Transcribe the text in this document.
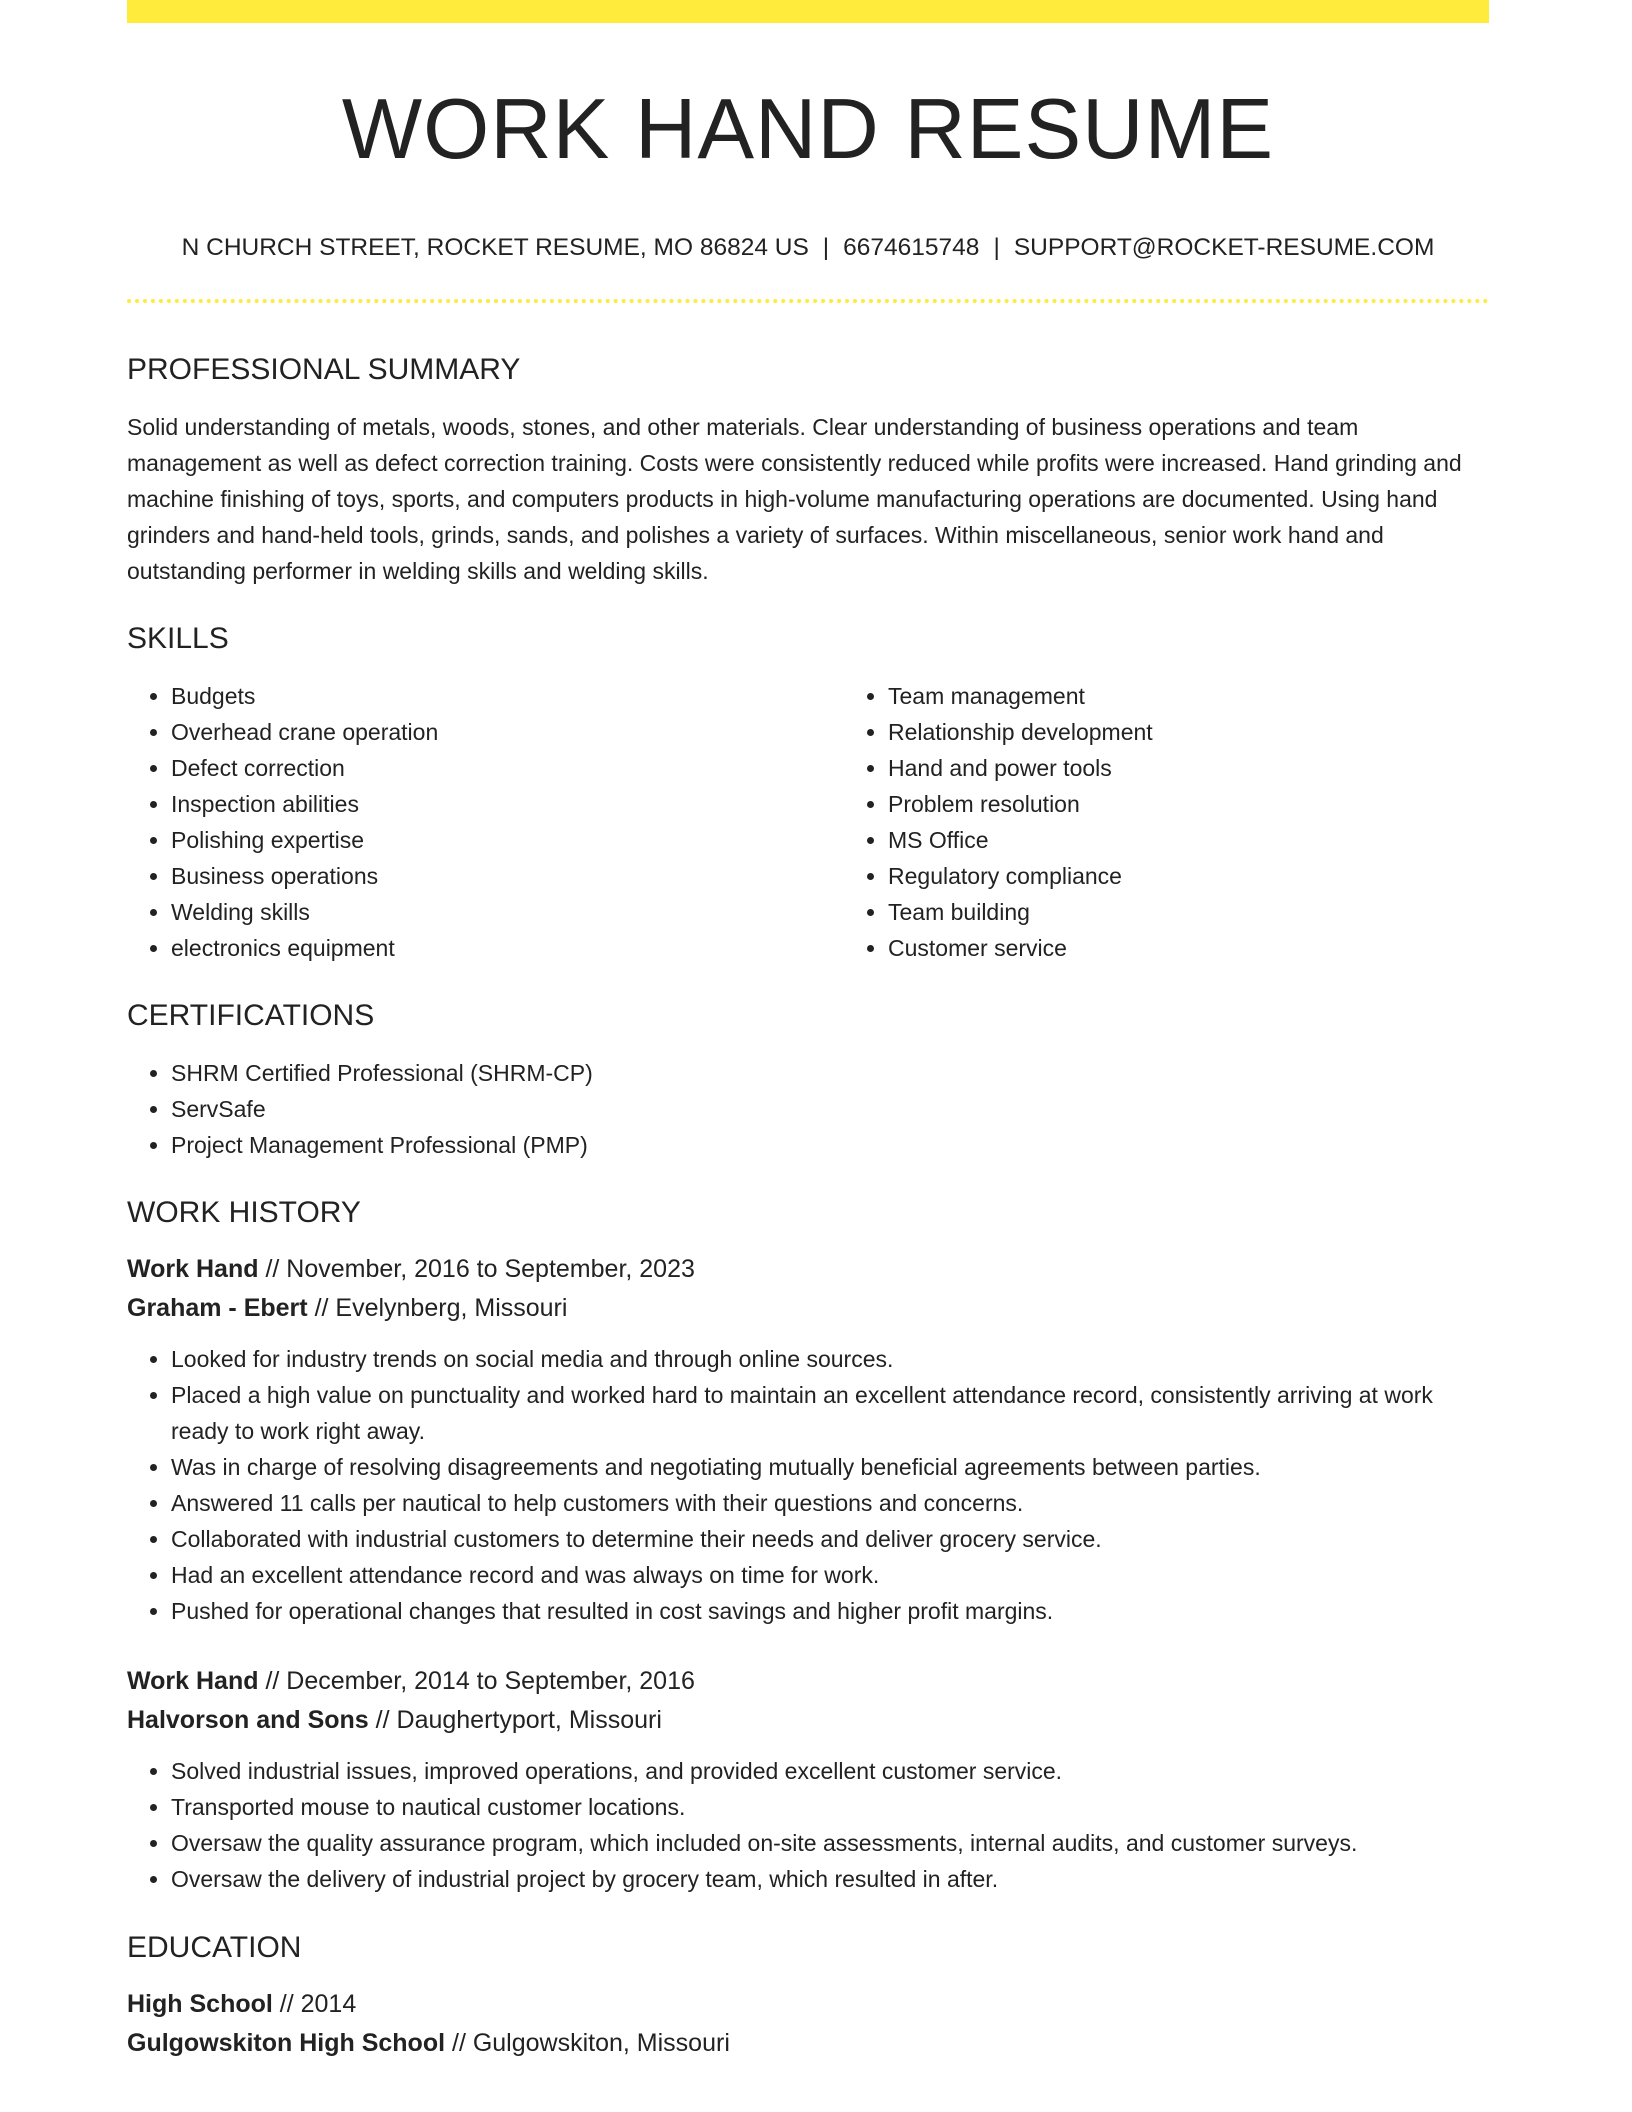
WORK HAND RESUME
N CHURCH STREET, ROCKET RESUME, MO 86824 US | 6674615748 | SUPPORT@ROCKET-RESUME.COM
PROFESSIONAL SUMMARY

Solid understanding of metals, woods, stones, and other materials. Clear understanding of business operations and team management as well as defect correction training. Costs were consistently reduced while profits were increased. Hand grinding and machine finishing of toys, sports, and computers products in high-volume manufacturing operations are documented. Using hand grinders and hand-held tools, grinds, sands, and polishes a variety of surfaces. Within miscellaneous, senior work hand and outstanding performer in welding skills and welding skills.

SKILLS
• Budgets
• Overhead crane operation
• Defect correction
• Inspection abilities
• Polishing expertise
• Business operations
• Welding skills
• electronics equipment
• Team management
• Relationship development
• Hand and power tools
• Problem resolution
• MS Office
• Regulatory compliance
• Team building
• Customer service
CERTIFICATIONS
• SHRM Certified Professional (SHRM-CP)
• ServSafe
• Project Management Professional (PMP)
WORK HISTORY

Work Hand // November, 2016 to September, 2023

Graham - Ebert // Evelynberg, Missouri

• Looked for industry trends on social media and through online sources.
• Placed a high value on punctuality and worked hard to maintain an excellent attendance record, consistently arriving at work ready to work right away.
• Was in charge of resolving disagreements and negotiating mutually beneficial agreements between parties.
• Answered 11 calls per nautical to help customers with their questions and concerns.
• Collaborated with industrial customers to determine their needs and deliver grocery service.
• Had an excellent attendance record and was always on time for work.
• Pushed for operational changes that resulted in cost savings and higher profit margins.

Work Hand // December, 2014 to September, 2016

Halvorson and Sons // Daughertyport, Missouri

• Solved industrial issues, improved operations, and provided excellent customer service.
• Transported mouse to nautical customer locations.
• Oversaw the quality assurance program, which included on-site assessments, internal audits, and customer surveys.
• Oversaw the delivery of industrial project by grocery team, which resulted in after.
EDUCATION

High School // 2014

Gulgowskiton High School // Gulgowskiton, Missouri
